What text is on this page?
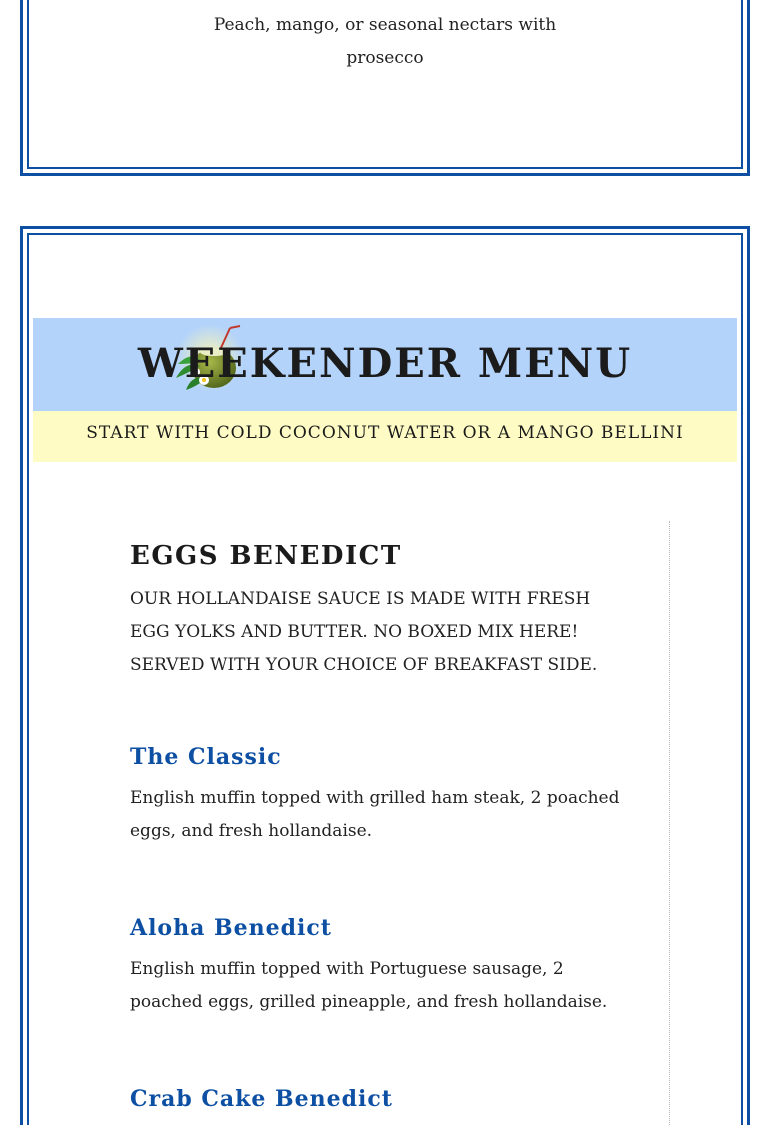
Peach, mango, or seasonal nectars with prosecco
WEEKENDER MENU
START WITH COLD COCONUT WATER OR A MANGO BELLINI
EGGS BENEDICT

OUR HOLLANDAISE SAUCE IS MADE WITH FRESH EGG YOLKS AND BUTTER. NO BOXED MIX HERE! SERVED WITH YOUR CHOICE OF BREAKFAST SIDE.

The Classic

English muffin topped with grilled ham steak, 2 poached eggs, and fresh hollandaise.

Aloha Benedict

English muffin topped with Portuguese sausage, 2 poached eggs, grilled pineapple, and fresh hollandaise.

Crab Cake Benedict
